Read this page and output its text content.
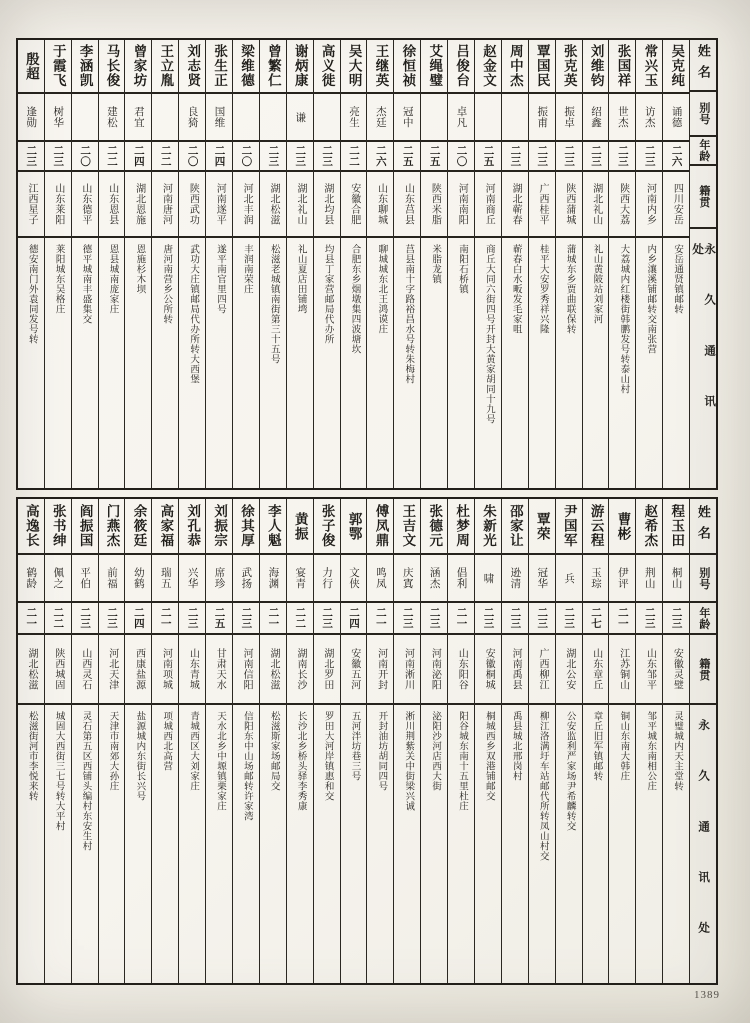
姓名
别号
年龄
籍贯
永久通讯处
吴克纯
诵德
二六
四川安岳
安岳通贤镇邮转
常兴玉
访杰
二三
河南内乡
内乡瀼溪铺邮转交南张营
张国祥
世杰
二三
陕西大荔
大荔城内红楼街韩鹏发号转泰山村
刘维钧
绍鑫
二三
湖北礼山
礼山黄陂站刘家河
张克英
振卓
二三
陕西蒲城
蒲城东乡贾曲联保转
覃国民
振甫
二三
广西桂平
桂平大安罗秀祥兴隆
周中杰
二三
湖北蕲春
蕲春白水畈发毛家咀
赵金文
二五
河南商丘
商丘大同六街四号开封大黄家胡同十九号
吕俊台
卓凡
二〇
河南南阳
南阳石桥镇
艾绳璧
二五
陕西米脂
米脂龙镇
徐恒祯
冠中
二五
山东莒县
莒县南十字路裕昌水号转朱梅村
王继英
杰廷
二六
山东聊城
聊城城东北王鸿谟庄
吴大明
亮生
二二
安徽合肥
合肥东乡烟墩集四波塘坎
高义徙
二三
湖北均县
均县丁家营邮局代办所
谢炳康
谦
二三
湖北礼山
礼山夏店田铺塆
曾繁仁
二三
湖北松滋
松滋老城镇南街第三十五号
梁维德
二〇
河北丰润
丰润南荣庄
张生正
国维
二四
河南遂平
遂平南官里四号
刘志贤
良猗
二〇
陕西武功
武功大庄镇邮局代办所转大西堡
王立胤
二二
河南唐河
唐河南营乡公所转
曾家坊
君宜
二四
湖北恩施
恩施杉木坝
马长俊
建松
二二
山东恩县
恩县城南庞家庄
李涵凯
二〇
山东德平
德平城南丰盛集交
于霞飞
树华
二三
山东莱阳
莱阳城东吴格庄
殷超
逢勋
二三
江西星子
德安南门外袁同发号转
姓名
别号
年龄
籍贯
永久通讯处
程玉田
桐山
二三
安徽灵璧
灵璧城内天主堂转
赵希杰
荆山
二三
山东邹平
邹平城东南相公庄
曹彬
伊评
二一
江苏铜山
铜山东南大韩庄
游云程
玉琮
二七
山东章丘
章丘旧军镇邮转
尹国军
兵
二三
湖北公安
公安监利严家场尹希麟转交
覃荣
冠华
二三
广西柳江
柳江洛满圩车站邮代所转凤山村交
邵家让
逊清
二三
河南禹县
禹县城北邢岗村
朱新光
啸
二三
安徽桐城
桐城西乡双港铺邮交
杜梦周
倡利
二一
山东阳谷
阳谷城东南十五里杜庄
张德元
涵杰
二三
河南泌阳
泌阳沙河店西大街
王吉文
庆寘
二三
河南淅川
淅川荆紫关中街梁兴诚
傅凤鼎
鸣凤
二一
河南开封
开封油坊胡同四号
郭鄂
文侠
二四
安徽五河
五河泮坊巷三号
张子俊
力行
二三
湖北罗田
罗田大河岸镇惠和交
黄振
宴青
二二
湖南长沙
长沙北乡桥头驿李秀康
李人魁
海渊
二一
湖北松滋
松滋斯家场邮局交
徐其厚
武扬
二三
河南信阳
信阳东中山场邮转许家湾
刘振宗
席珍
二五
甘肃天水
天水北乡中塬镇栗家庄
刘孔恭
兴华
二三
山东青城
青城西区大刘家庄
高家福
瑞五
二一
河南项城
项城西北高营
余筱廷
幼鹤
二四
西康盐源
盐源城内东街长兴号
门燕杰
前福
二三
河北天津
天津市南郊大孙庄
阎振国
平伯
二三
山西灵石
灵石第五区西铺头编村东安生村
张书绅
佩之
二二
陕西城固
城固大西街三七号转大平村
高逸长
鹤龄
二一
湖北松滋
松滋街河市李悦来转
1389
